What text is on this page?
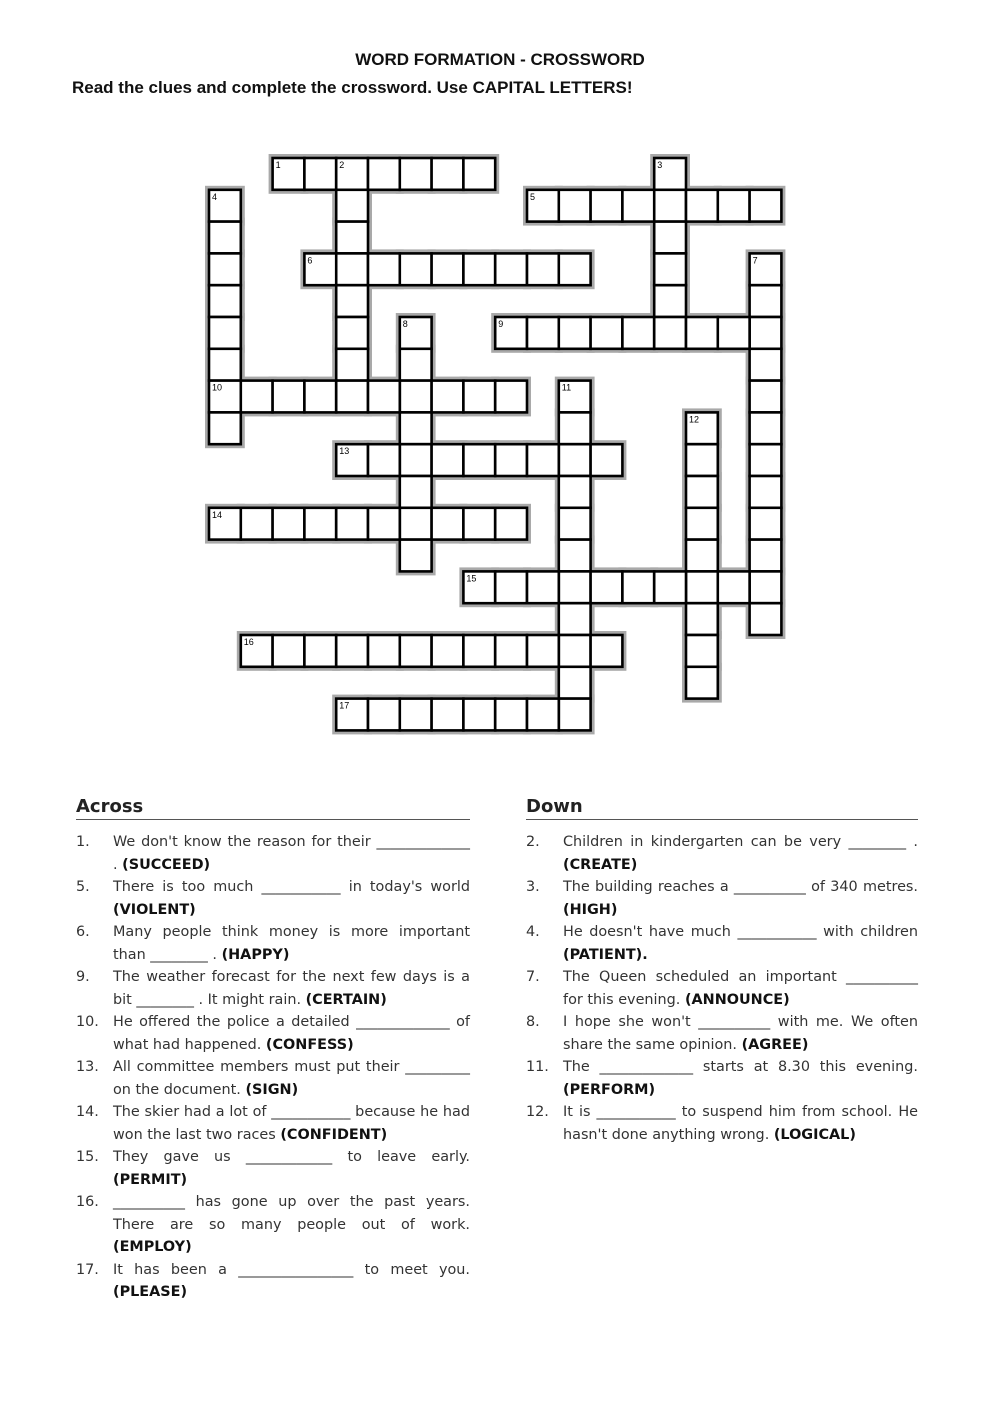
WORD FORMATION - CROSSWORD
Read the clues and complete the crossword. Use CAPITAL LETTERS!
1	2	3
4	5
6	7
8	9
10	11
12
13
14
15
16
17
Across
1.	We don't know the reason for their _____________ . (SUCCEED)
5.	There is too much ___________ in today's world (VIOLENT)
6.	Many people think money is more important than ________ . (HAPPY)
9.	The weather forecast for the next few days is a bit ________ . It might rain. (CERTAIN)
10. He offered the police a detailed _____________ of what had happened. (CONFESS)
13. All committee members must put their _________ on the document. (SIGN)
14. The skier had a lot of ___________ because he had won the last two races (CONFIDENT)
15. They gave us ____________ to leave early. (PERMIT)
16. __________ has gone up over the past years. There are so many people out of work. (EMPLOY)
17. It has been a ________________ to meet you. (PLEASE)
Down
2.	Children in kindergarten can be very ________ . (CREATE)
3.	The building reaches a __________ of 340 metres. (HIGH)
4.	He doesn't have much ___________ with children (PATIENT).
7.	The Queen scheduled an important __________ for this evening. (ANNOUNCE)
8.	I hope she won't __________ with me. We often share the same opinion. (AGREE)
11. The _____________ starts at 8.30 this evening. (PERFORM)
12. It is ___________ to suspend him from school. He hasn't done anything wrong. (LOGICAL)
